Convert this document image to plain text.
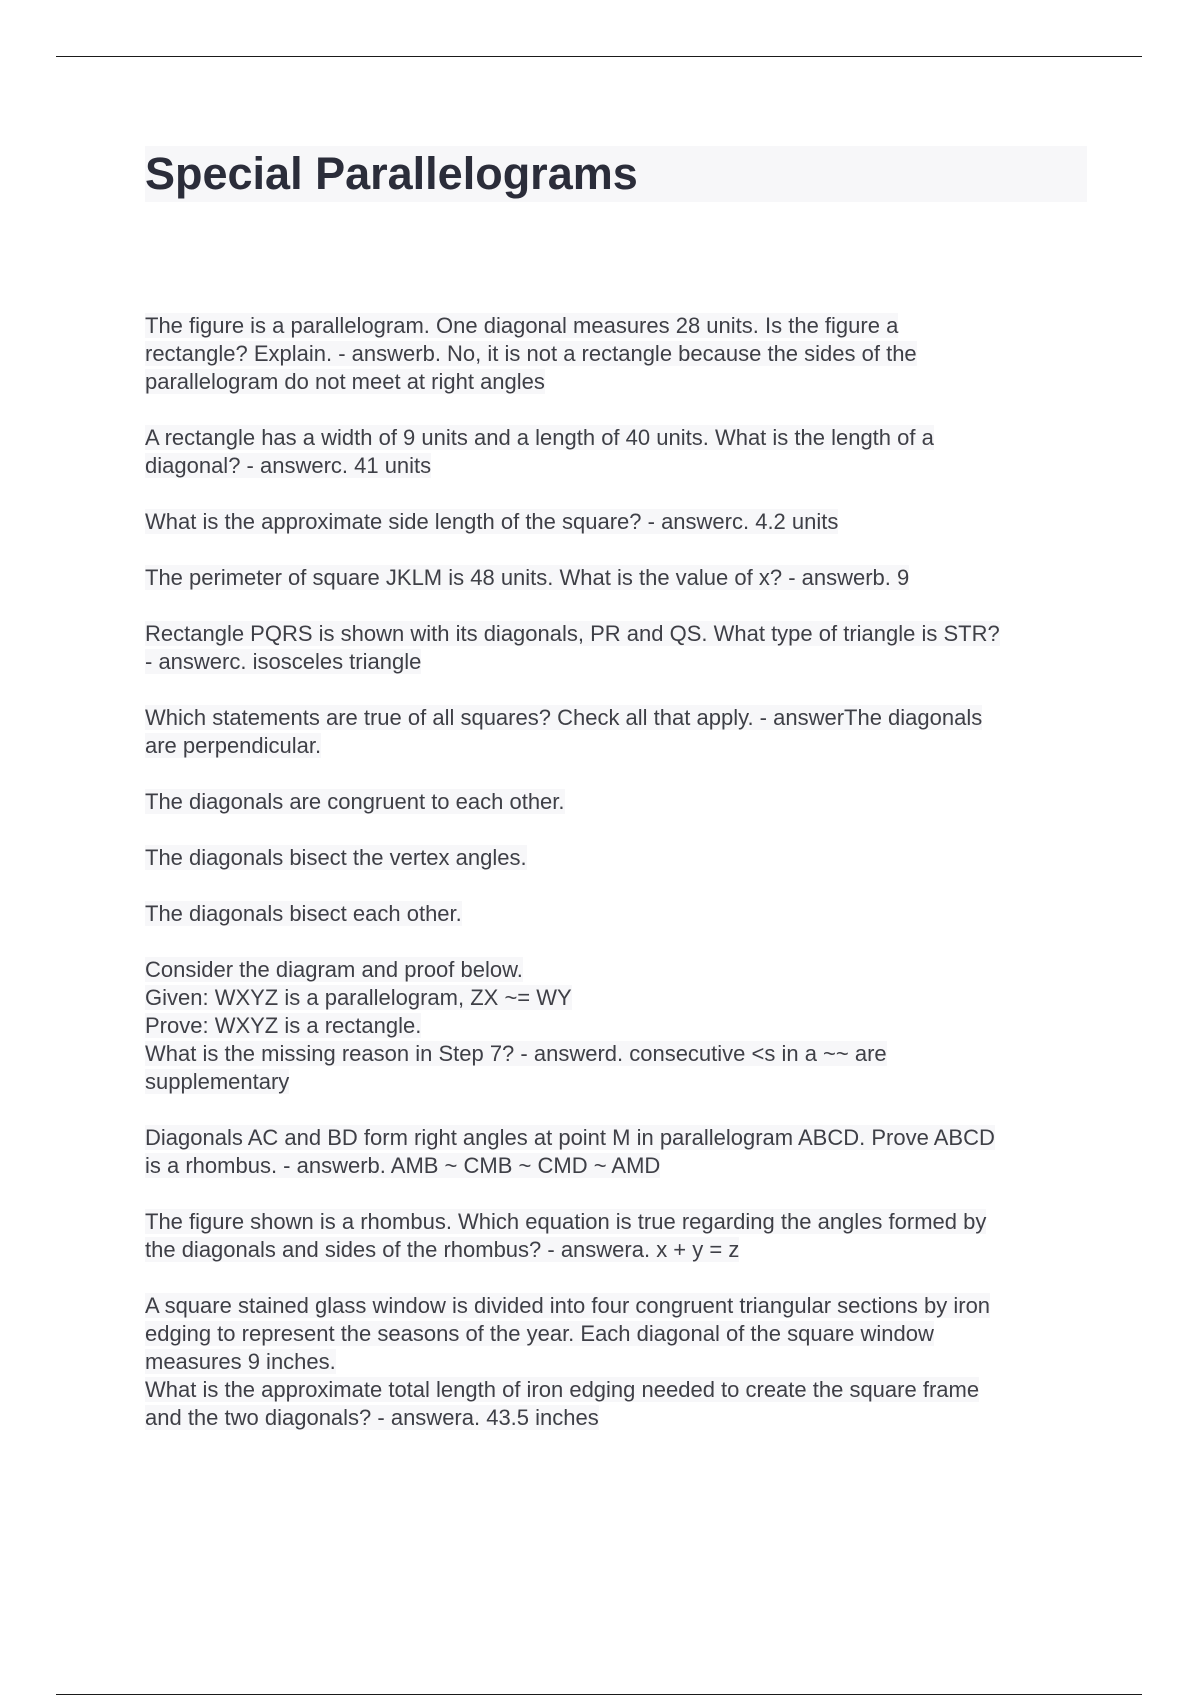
Special Parallelograms
The figure is a parallelogram. One diagonal measures 28 units. Is the figure a
rectangle? Explain. - answerb. No, it is not a rectangle because the sides of the
parallelogram do not meet at right angles
A rectangle has a width of 9 units and a length of 40 units. What is the length of a
diagonal? - answerc. 41 units
What is the approximate side length of the square? - answerc. 4.2 units
The perimeter of square JKLM is 48 units. What is the value of x? - answerb. 9
Rectangle PQRS is shown with its diagonals, PR and QS. What type of triangle is STR?
- answerc. isosceles triangle
Which statements are true of all squares? Check all that apply. - answerThe diagonals
are perpendicular.
The diagonals are congruent to each other.
The diagonals bisect the vertex angles.
The diagonals bisect each other.
Consider the diagram and proof below.
Given: WXYZ is a parallelogram, ZX ~= WY
Prove: WXYZ is a rectangle.
What is the missing reason in Step 7? - answerd. consecutive <s in a ~~ are
supplementary
Diagonals AC and BD form right angles at point M in parallelogram ABCD. Prove ABCD
is a rhombus. - answerb. AMB ~ CMB ~ CMD ~ AMD
The figure shown is a rhombus. Which equation is true regarding the angles formed by
the diagonals and sides of the rhombus? - answera. x + y = z
A square stained glass window is divided into four congruent triangular sections by iron
edging to represent the seasons of the year. Each diagonal of the square window
measures 9 inches.
What is the approximate total length of iron edging needed to create the square frame
and the two diagonals? - answera. 43.5 inches
